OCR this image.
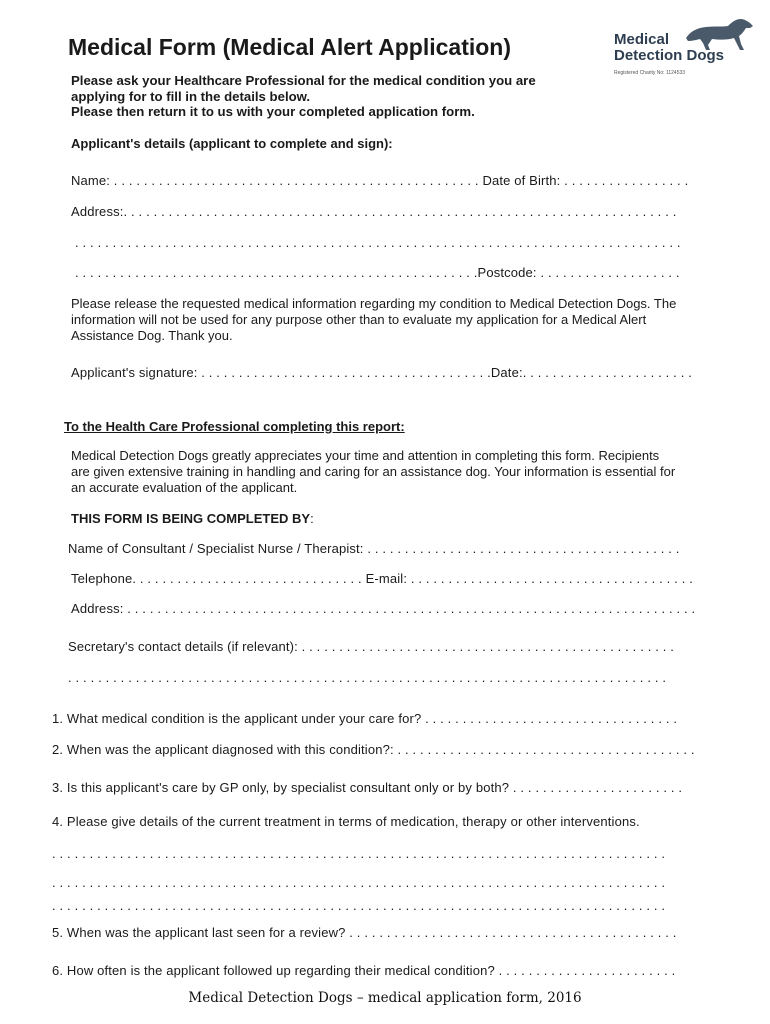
Medical Form (Medical Alert Application)	Medical
Detection Dogs
Registered Charity No: 1124533
Please ask your Healthcare Professional for the medical condition you are
applying for to fill in the details below.
Please then return it to us with your completed application form.
Applicant's details (applicant to complete and sign):
Name: . . . . . . . . . . . . . . . . . . . . . . . . . . . . . . . . . . . . . . . . . . . . . . . . . Date of Birth: . . . . . . . . . . . . . . . . .
Address:. . . . . . . . . . . . . . . . . . . . . . . . . . . . . . . . . . . . . . . . . . . . . . . . . . . . . . . . . . . . . . . . . . . . . . . . . .
. . . . . . . . . . . . . . . . . . . . . . . . . . . . . . . . . . . . . . . . . . . . . . . . . . . . . . . . . . . . . . . . . . . . . . . . . . . . . . . . .
. . . . . . . . . . . . . . . . . . . . . . . . . . . . . . . . . . . . . . . . . . . . . . . . . . . . . .Postcode: . . . . . . . . . . . . . . . . . . .
Please release the requested medical information regarding my condition to Medical Detection Dogs. The
information will not be used for any purpose other than to evaluate my application for a Medical Alert
Assistance Dog. Thank you.
Applicant's signature: . . . . . . . . . . . . . . . . . . . . . . . . . . . . . . . . . . . . . . .Date:. . . . . . . . . . . . . . . . . . . . . . .
To the Health Care Professional completing this report:
Medical Detection Dogs greatly appreciates your time and attention in completing this form. Recipients
are given extensive training in handling and caring for an assistance dog. Your information is essential for
an accurate evaluation of the applicant.
THIS FORM IS BEING COMPLETED BY:
Name of Consultant / Specialist Nurse / Therapist: . . . . . . . . . . . . . . . . . . . . . . . . . . . . . . . . . . . . . . . . . .
Telephone. . . . . . . . . . . . . . . . . . . . . . . . . . . . . . . E-mail: . . . . . . . . . . . . . . . . . . . . . . . . . . . . . . . . . . . . . .
Address: . . . . . . . . . . . . . . . . . . . . . . . . . . . . . . . . . . . . . . . . . . . . . . . . . . . . . . . . . . . . . . . . . . . . . . . . . . . .
Secretary's contact details (if relevant): . . . . . . . . . . . . . . . . . . . . . . . . . . . . . . . . . . . . . . . . . . . . . . . . . .
. . . . . . . . . . . . . . . . . . . . . . . . . . . . . . . . . . . . . . . . . . . . . . . . . . . . . . . . . . . . . . . . . . . . . . . . . . . . . . . .
1. What medical condition is the applicant under your care for? . . . . . . . . . . . . . . . . . . . . . . . . . . . . . . . . . .
2. When was the applicant diagnosed with this condition?: . . . . . . . . . . . . . . . . . . . . . . . . . . . . . . . . . . . . . . . .
3. Is this applicant's care by GP only, by specialist consultant only or by both? . . . . . . . . . . . . . . . . . . . . . . .
4. Please give details of the current treatment in terms of medication, therapy or other interventions.
. . . . . . . . . . . . . . . . . . . . . . . . . . . . . . . . . . . . . . . . . . . . . . . . . . . . . . . . . . . . . . . . . . . . . . . . . . . . . . . . . .
. . . . . . . . . . . . . . . . . . . . . . . . . . . . . . . . . . . . . . . . . . . . . . . . . . . . . . . . . . . . . . . . . . . . . . . . . . . . . . . . . .
. . . . . . . . . . . . . . . . . . . . . . . . . . . . . . . . . . . . . . . . . . . . . . . . . . . . . . . . . . . . . . . . . . . . . . . . . . . . . . . . . .
5. When was the applicant last seen for a review? . . . . . . . . . . . . . . . . . . . . . . . . . . . . . . . . . . . . . . . . . . . .
6. How often is the applicant followed up regarding their medical condition? . . . . . . . . . . . . . . . . . . . . . . . .
Medical Detection Dogs – medical application form, 2016
